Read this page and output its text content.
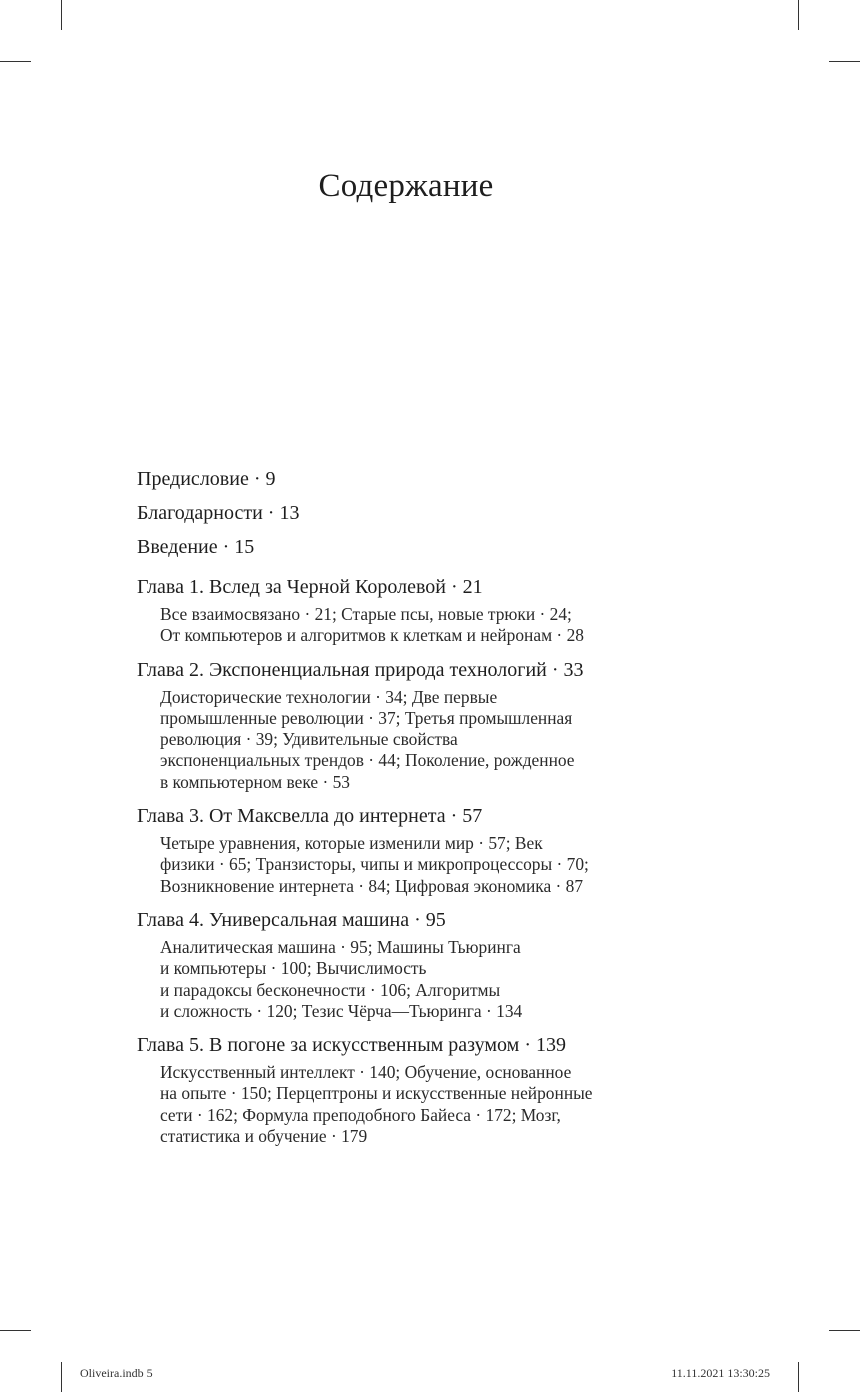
Содержание
Предисловие · 9
Благодарности · 13
Введение · 15
Глава 1. Вслед за Черной Королевой · 21
Все взаимосвязано · 21; Старые псы, новые трюки · 24;
От компьютеров и алгоритмов к клеткам и нейронам · 28
Глава 2. Экспоненциальная природа технологий · 33
Доисторические технологии · 34; Две первые
промышленные революции · 37; Третья промышленная
революция · 39; Удивительные свойства
экспоненциальных трендов · 44; Поколение, рожденное
в компьютерном веке · 53
Глава 3. От Максвелла до интернета · 57
Четыре уравнения, которые изменили мир · 57; Век
физики · 65; Транзисторы, чипы и микропроцессоры · 70;
Возникновение интернета · 84; Цифровая экономика · 87
Глава 4. Универсальная машина · 95
Аналитическая машина · 95; Машины Тьюринга
и компьютеры · 100; Вычислимость
и парадоксы бесконечности · 106; Алгоритмы
и сложность · 120; Тезис Чёрча—Тьюринга · 134
Глава 5. В погоне за искусственным разумом · 139
Искусственный интеллект · 140; Обучение, основанное
на опыте · 150; Перцептроны и искусственные нейронные
сети · 162; Формула преподобного Байеса · 172; Мозг,
статистика и обучение · 179
Oliveira.indb 5	11.11.2021 13:30:25
